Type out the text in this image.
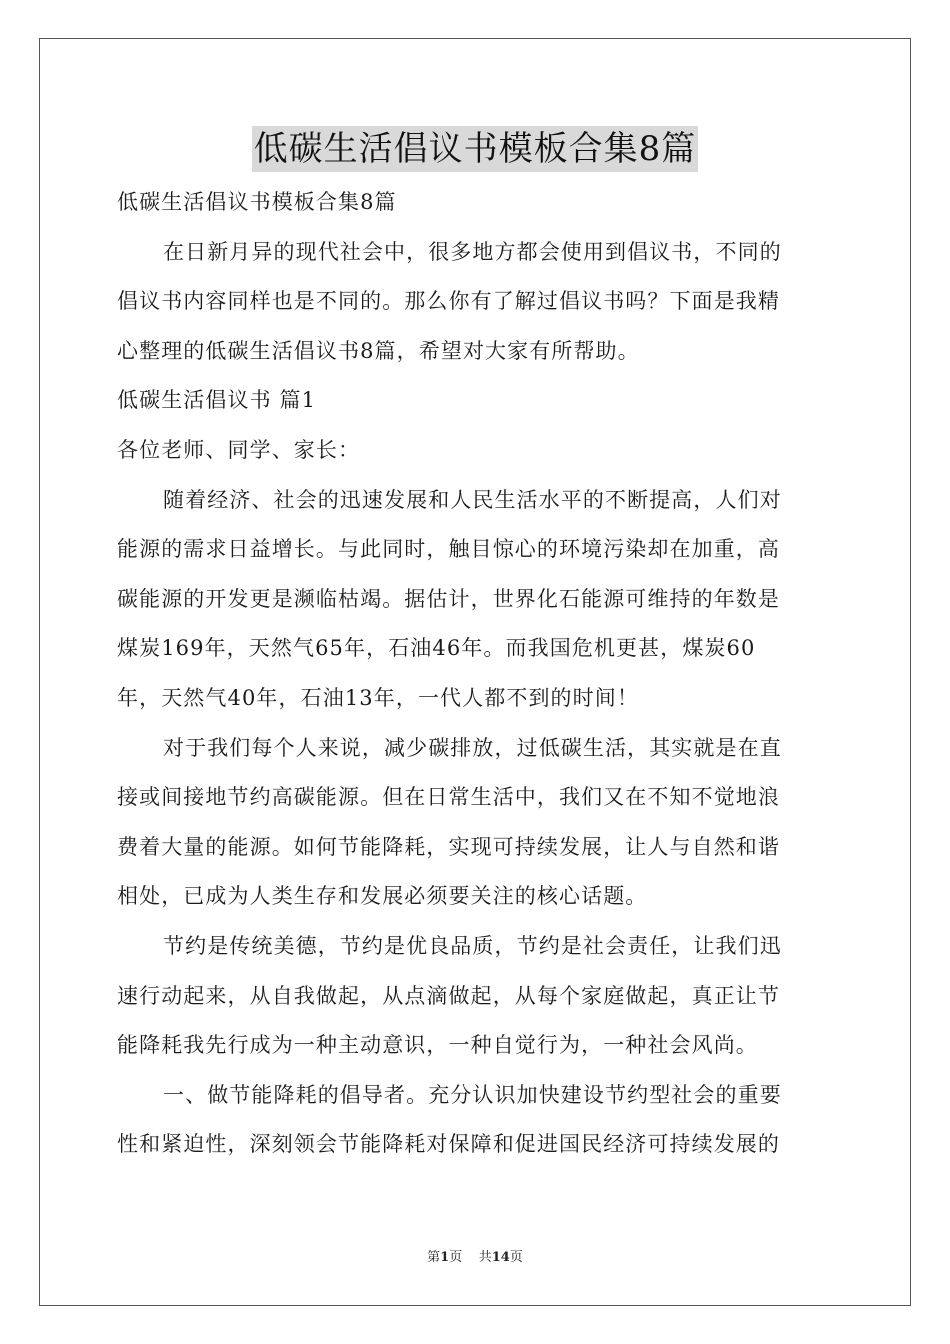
低碳生活倡议书模板合集8篇
低碳生活倡议书模板合集8篇
在日新月异的现代社会中，很多地方都会使用到倡议书，不同的
倡议书内容同样也是不同的。那么你有了解过倡议书吗？下面是我精
心整理的低碳生活倡议书8篇，希望对大家有所帮助。
低碳生活倡议书 篇1
各位老师、同学、家长：
随着经济、社会的迅速发展和人民生活水平的不断提高，人们对
能源的需求日益增长。与此同时，触目惊心的环境污染却在加重，高
碳能源的开发更是濒临枯竭。据估计，世界化石能源可维持的年数是
煤炭169年，天然气65年，石油46年。而我国危机更甚，煤炭60
年，天然气40年，石油13年，一代人都不到的时间！
对于我们每个人来说，减少碳排放，过低碳生活，其实就是在直
接或间接地节约高碳能源。但在日常生活中，我们又在不知不觉地浪
费着大量的能源。如何节能降耗，实现可持续发展，让人与自然和谐
相处，已成为人类生存和发展必须要关注的核心话题。
节约是传统美德，节约是优良品质，节约是社会责任，让我们迅
速行动起来，从自我做起，从点滴做起，从每个家庭做起，真正让节
能降耗我先行成为一种主动意识，一种自觉行为，一种社会风尚。
一、做节能降耗的倡导者。充分认识加快建设节约型社会的重要
性和紧迫性，深刻领会节能降耗对保障和促进国民经济可持续发展的
第1页 共14页
